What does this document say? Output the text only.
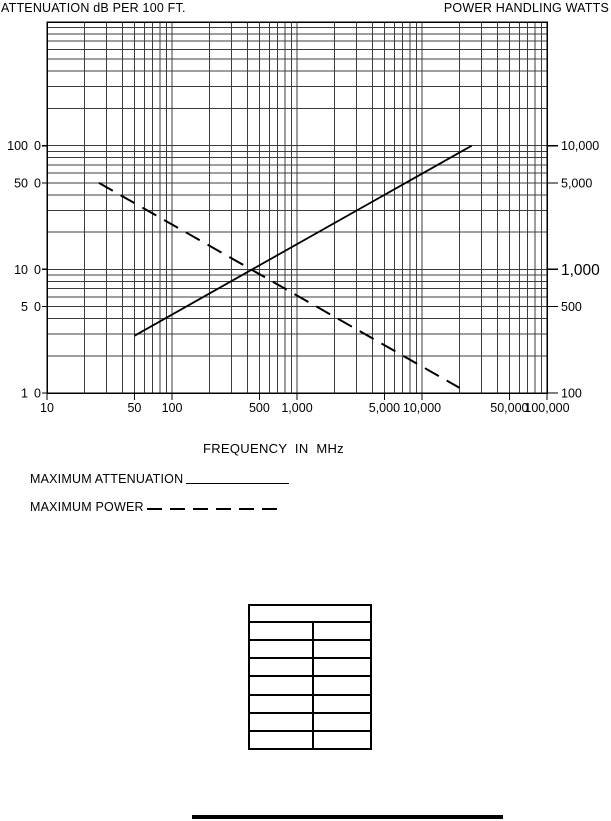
ATTENUATION dB PER 100 FT.	POWER HANDLING WATTS
100 0
50 0
10 0
5 0
1 0
10,000
5,000
1,000
500
100
10	50 100	500 1,000	5,000 10,000	50,000
100,000
FREQUENCY  IN  MHz
MAXIMUM ATTENUATION
MAXIMUM POWER
